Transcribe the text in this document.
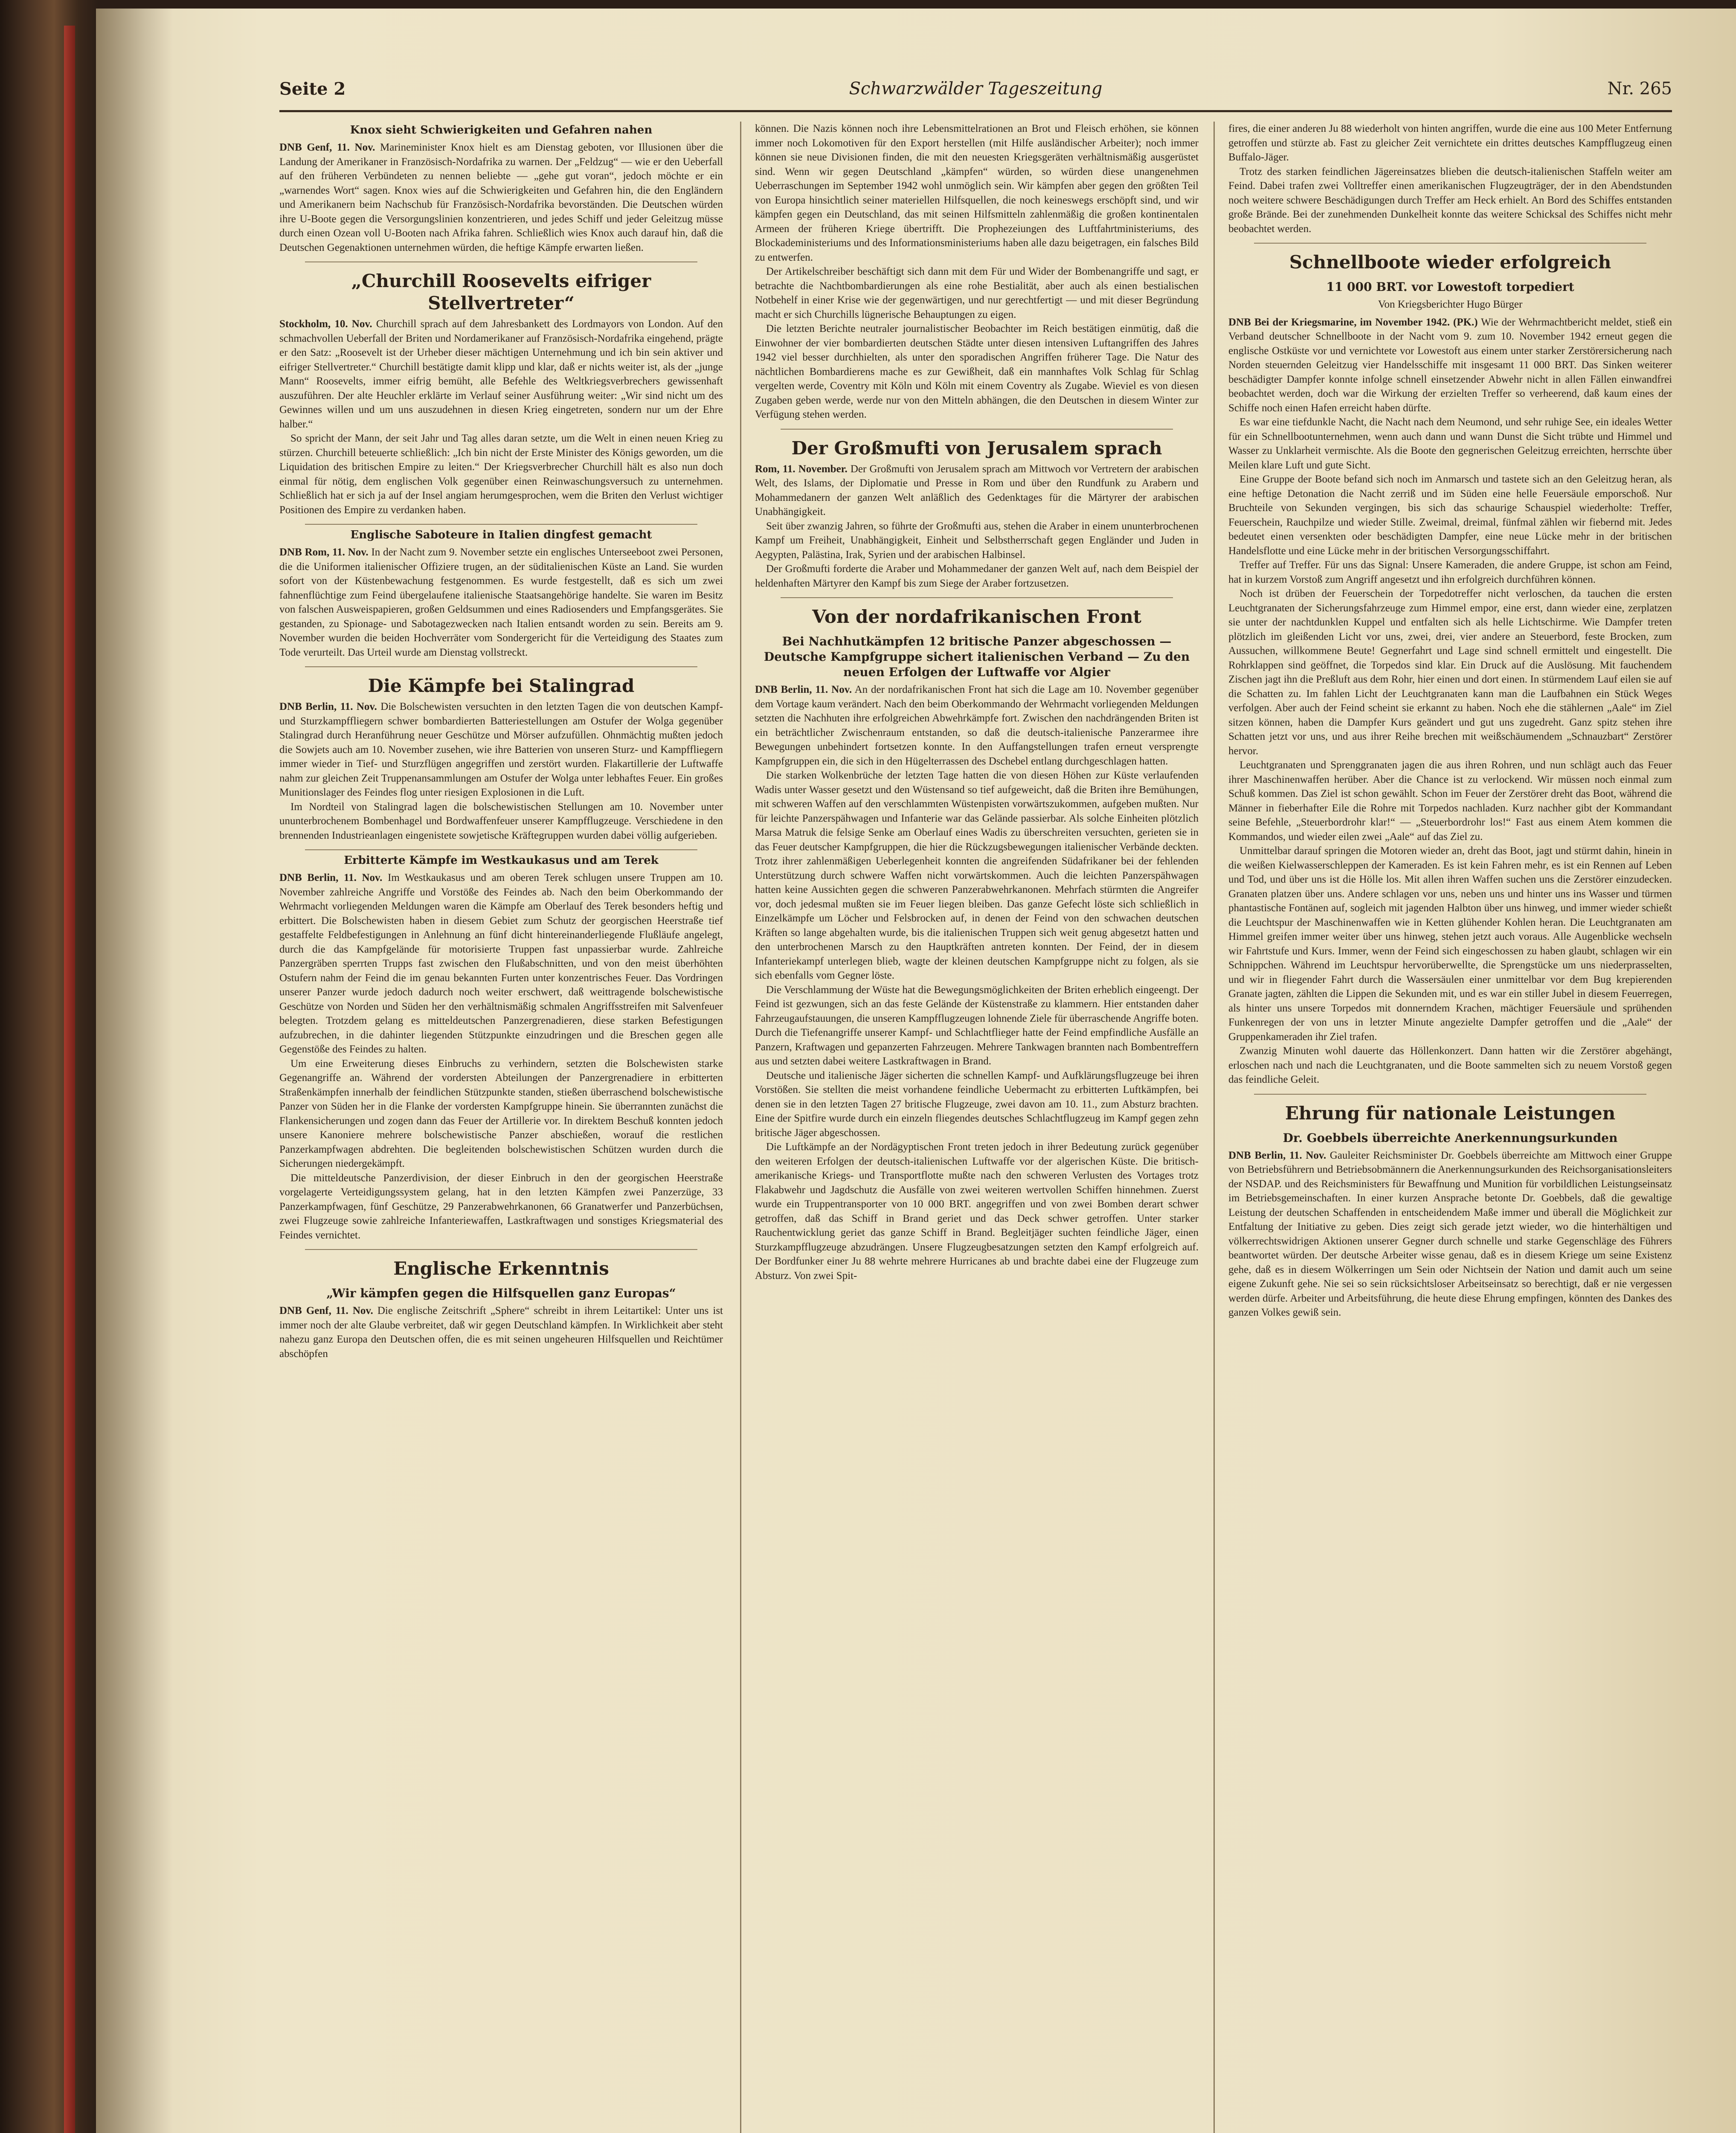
Seite 2	Schwarzwälder Tageszeitung	Nr. 265
Knox sieht Schwierigkeiten und Gefahren nahen

DNB Genf, 11. Nov. Marineminister Knox hielt es am Dienstag geboten, vor Illusionen über die Landung der Amerikaner in Französisch-Nordafrika zu warnen. Der „Feldzug“ — wie er den Ueberfall auf den früheren Verbündeten zu nennen beliebte — „gehe gut voran“, jedoch möchte er ein „warnendes Wort“ sagen. Knox wies auf die Schwierigkeiten und Gefahren hin, die den Engländern und Amerikanern beim Nachschub für Französisch-Nordafrika bevorständen. Die Deutschen würden ihre U-Boote gegen die Versorgungslinien konzentrieren, und jedes Schiff und jeder Geleitzug müsse durch einen Ozean voll U-Booten nach Afrika fahren. Schließlich wies Knox auch darauf hin, daß die Deutschen Gegenaktionen unternehmen würden, die heftige Kämpfe erwarten ließen.

„Churchill Roosevelts eifriger Stellvertreter“

Stockholm, 10. Nov. Churchill sprach auf dem Jahresbankett des Lordmayors von London. Auf den schmachvollen Ueberfall der Briten und Nordamerikaner auf Französisch-Nordafrika eingehend, prägte er den Satz: „Roosevelt ist der Urheber dieser mächtigen Unternehmung und ich bin sein aktiver und eifriger Stellvertreter.“ Churchill bestätigte damit klipp und klar, daß er nichts weiter ist, als der „junge Mann“ Roosevelts, immer eifrig bemüht, alle Befehle des Weltkriegsverbrechers gewissenhaft auszuführen. Der alte Heuchler erklärte im Verlauf seiner Ausführung weiter: „Wir sind nicht um des Gewinnes willen und um uns auszudehnen in diesen Krieg eingetreten, sondern nur um der Ehre halber.“

So spricht der Mann, der seit Jahr und Tag alles daran setzte, um die Welt in einen neuen Krieg zu stürzen. Churchill beteuerte schließlich: „Ich bin nicht der Erste Minister des Königs geworden, um die Liquidation des britischen Empire zu leiten.“ Der Kriegsverbrecher Churchill hält es also nun doch einmal für nötig, dem englischen Volk gegenüber einen Reinwaschungsversuch zu unternehmen. Schließlich hat er sich ja auf der Insel angiam herumgesprochen, wem die Briten den Verlust wichtiger Positionen des Empire zu verdanken haben.

Englische Saboteure in Italien dingfest gemacht

DNB Rom, 11. Nov. In der Nacht zum 9. November setzte ein englisches Unterseeboot zwei Personen, die die Uniformen italienischer Offiziere trugen, an der süditalienischen Küste an Land. Sie wurden sofort von der Küstenbewachung festgenommen. Es wurde festgestellt, daß es sich um zwei fahnenflüchtige zum Feind übergelaufene italienische Staatsangehörige handelte. Sie waren im Besitz von falschen Ausweispapieren, großen Geldsummen und eines Radiosenders und Empfangsgerätes. Sie gestanden, zu Spionage- und Sabotagezwecken nach Italien entsandt worden zu sein. Bereits am 9. November wurden die beiden Hochverräter vom Sondergericht für die Verteidigung des Staates zum Tode verurteilt. Das Urteil wurde am Dienstag vollstreckt.

Die Kämpfe bei Stalingrad

DNB Berlin, 11. Nov. Die Bolschewisten versuchten in den letzten Tagen die von deutschen Kampf- und Sturzkampffliegern schwer bombardierten Batteriestellungen am Ostufer der Wolga gegenüber Stalingrad durch Heranführung neuer Geschütze und Mörser aufzufüllen. Ohnmächtig mußten jedoch die Sowjets auch am 10. November zusehen, wie ihre Batterien von unseren Sturz- und Kampffliegern immer wieder in Tief- und Sturzflügen angegriffen und zerstört wurden. Flakartillerie der Luftwaffe nahm zur gleichen Zeit Truppenansammlungen am Ostufer der Wolga unter lebhaftes Feuer. Ein großes Munitionslager des Feindes flog unter riesigen Explosionen in die Luft.

Im Nordteil von Stalingrad lagen die bolschewistischen Stellungen am 10. November unter ununterbrochenem Bombenhagel und Bordwaffenfeuer unserer Kampfflugzeuge. Verschiedene in den brennenden Industrieanlagen eingenistete sowjetische Kräftegruppen wurden dabei völlig aufgerieben.

Erbitterte Kämpfe im Westkaukasus und am Terek

DNB Berlin, 11. Nov. Im Westkaukasus und am oberen Terek schlugen unsere Truppen am 10. November zahlreiche Angriffe und Vorstöße des Feindes ab. Nach den beim Oberkommando der Wehrmacht vorliegenden Meldungen waren die Kämpfe am Oberlauf des Terek besonders heftig und erbittert. Die Bolschewisten haben in diesem Gebiet zum Schutz der georgischen Heerstraße tief gestaffelte Feldbefestigungen in Anlehnung an fünf dicht hintereinanderliegende Flußläufe angelegt, durch die das Kampfgelände für motorisierte Truppen fast unpassierbar wurde. Zahlreiche Panzergräben sperrten Trupps fast zwischen den Flußabschnitten, und von den meist überhöhten Ostufern nahm der Feind die im genau bekannten Furten unter konzentrisches Feuer. Das Vordringen unserer Panzer wurde jedoch dadurch noch weiter erschwert, daß weittragende bolschewistische Geschütze von Norden und Süden her den verhältnismäßig schmalen Angriffsstreifen mit Salvenfeuer belegten. Trotzdem gelang es mitteldeutschen Panzergrenadieren, diese starken Befestigungen aufzubrechen, in die dahinter liegenden Stützpunkte einzudringen und die Breschen gegen alle Gegenstöße des Feindes zu halten.

Um eine Erweiterung dieses Einbruchs zu verhindern, setzten die Bolschewisten starke Gegenangriffe an. Während der vordersten Abteilungen der Panzergrenadiere in erbitterten Straßenkämpfen innerhalb der feindlichen Stützpunkte standen, stießen überraschend bolschewistische Panzer von Süden her in die Flanke der vordersten Kampfgruppe hinein. Sie überrannten zunächst die Flankensicherungen und zogen dann das Feuer der Artillerie vor. In direktem Beschuß konnten jedoch unsere Kanoniere mehrere bolschewistische Panzer abschießen, worauf die restlichen Panzerkampfwagen abdrehten. Die begleitenden bolschewistischen Schützen wurden durch die Sicherungen niedergekämpft.

Die mitteldeutsche Panzerdivision, der dieser Einbruch in den der georgischen Heerstraße vorgelagerte Verteidigungssystem gelang, hat in den letzten Kämpfen zwei Panzerzüge, 33 Panzerkampfwagen, fünf Geschütze, 29 Panzerabwehrkanonen, 66 Granatwerfer und Panzerbüchsen, zwei Flugzeuge sowie zahlreiche Infanteriewaffen, Lastkraftwagen und sonstiges Kriegsmaterial des Feindes vernichtet.

Englische Erkenntnis
„Wir kämpfen gegen die Hilfsquellen ganz Europas“

DNB Genf, 11. Nov. Die englische Zeitschrift „Sphere“ schreibt in ihrem Leitartikel: Unter uns ist immer noch der alte Glaube verbreitet, daß wir gegen Deutschland kämpfen. In Wirklichkeit aber steht nahezu ganz Europa den Deutschen offen, die es mit seinen ungeheuren Hilfsquellen und Reichtümer abschöpfen

können. Die Nazis können noch ihre Lebensmittelrationen an Brot und Fleisch erhöhen, sie können immer noch Lokomotiven für den Export herstellen (mit Hilfe ausländischer Arbeiter); noch immer können sie neue Divisionen finden, die mit den neuesten Kriegsgeräten verhältnismäßig ausgerüstet sind. Wenn wir gegen Deutschland „kämpfen“ würden, so würden diese unangenehmen Ueberraschungen im September 1942 wohl unmöglich sein. Wir kämpfen aber gegen den größten Teil von Europa hinsichtlich seiner materiellen Hilfsquellen, die noch keineswegs erschöpft sind, und wir kämpfen gegen ein Deutschland, das mit seinen Hilfsmitteln zahlenmäßig die großen kontinentalen Armeen der früheren Kriege übertrifft. Die Prophezeiungen des Luftfahrtministeriums, des Blockadeministeriums und des Informationsministeriums haben alle dazu beigetragen, ein falsches Bild zu entwerfen.

Der Artikelschreiber beschäftigt sich dann mit dem Für und Wider der Bombenangriffe und sagt, er betrachte die Nachtbombardierungen als eine rohe Bestialität, aber auch als einen bestialischen Notbehelf in einer Krise wie der gegenwärtigen, und nur gerechtfertigt — und mit dieser Begründung macht er sich Churchills lügnerische Behauptungen zu eigen.

Die letzten Berichte neutraler journalistischer Beobachter im Reich bestätigen einmütig, daß die Einwohner der vier bombardierten deutschen Städte unter diesen intensiven Luftangriffen des Jahres 1942 viel besser durchhielten, als unter den sporadischen Angriffen früherer Tage. Die Natur des nächtlichen Bombardierens mache es zur Gewißheit, daß ein mannhaftes Volk Schlag für Schlag vergelten werde, Coventry mit Köln und Köln mit einem Coventry als Zugabe. Wieviel es von diesen Zugaben geben werde, werde nur von den Mitteln abhängen, die den Deutschen in diesem Winter zur Verfügung stehen werden.

Der Großmufti von Jerusalem sprach

Rom, 11. November. Der Großmufti von Jerusalem sprach am Mittwoch vor Vertretern der arabischen Welt, des Islams, der Diplomatie und Presse in Rom und über den Rundfunk zu Arabern und Mohammedanern der ganzen Welt anläßlich des Gedenktages für die Märtyrer der arabischen Unabhängigkeit.

Seit über zwanzig Jahren, so führte der Großmufti aus, stehen die Araber in einem ununterbrochenen Kampf um Freiheit, Unabhängigkeit, Einheit und Selbstherrschaft gegen Engländer und Juden in Aegypten, Palästina, Irak, Syrien und der arabischen Halbinsel.

Der Großmufti forderte die Araber und Mohammedaner der ganzen Welt auf, nach dem Beispiel der heldenhaften Märtyrer den Kampf bis zum Siege der Araber fortzusetzen.

Von der nordafrikanischen Front
Bei Nachhutkämpfen 12 britische Panzer abgeschossen — Deutsche Kampfgruppe sichert italienischen Verband — Zu den neuen Erfolgen der Luftwaffe vor Algier

DNB Berlin, 11. Nov. An der nordafrikanischen Front hat sich die Lage am 10. November gegenüber dem Vortage kaum verändert. Nach den beim Oberkommando der Wehrmacht vorliegenden Meldungen setzten die Nachhuten ihre erfolgreichen Abwehrkämpfe fort. Zwischen den nachdrängenden Briten ist ein beträchtlicher Zwischenraum entstanden, so daß die deutsch-italienische Panzerarmee ihre Bewegungen unbehindert fortsetzen konnte. In den Auffangstellungen trafen erneut versprengte Kampfgruppen ein, die sich in den Hügelterrassen des Dschebel entlang durchgeschlagen hatten.

Die starken Wolkenbrüche der letzten Tage hatten die von diesen Höhen zur Küste verlaufenden Wadis unter Wasser gesetzt und den Wüstensand so tief aufgeweicht, daß die Briten ihre Bemühungen, mit schweren Waffen auf den verschlammten Wüstenpisten vorwärtszukommen, aufgeben mußten. Nur für leichte Panzerspähwagen und Infanterie war das Gelände passierbar. Als solche Einheiten plötzlich Marsa Matruk die felsige Senke am Oberlauf eines Wadis zu überschreiten versuchten, gerieten sie in das Feuer deutscher Kampfgruppen, die hier die Rückzugsbewegungen italienischer Verbände deckten. Trotz ihrer zahlenmäßigen Ueberlegenheit konnten die angreifenden Südafrikaner bei der fehlenden Unterstützung durch schwere Waffen nicht vorwärtskommen. Auch die leichten Panzerspähwagen hatten keine Aussichten gegen die schweren Panzerabwehrkanonen. Mehrfach stürmten die Angreifer vor, doch jedesmal mußten sie im Feuer liegen bleiben. Das ganze Gefecht löste sich schließlich in Einzelkämpfe um Löcher und Felsbrocken auf, in denen der Feind von den schwachen deutschen Kräften so lange abgehalten wurde, bis die italienischen Truppen sich weit genug abgesetzt hatten und den unterbrochenen Marsch zu den Hauptkräften antreten konnten. Der Feind, der in diesem Infanteriekampf unterlegen blieb, wagte der kleinen deutschen Kampfgruppe nicht zu folgen, als sie sich ebenfalls vom Gegner löste.

Die Verschlammung der Wüste hat die Bewegungsmöglichkeiten der Briten erheblich eingeengt. Der Feind ist gezwungen, sich an das feste Gelände der Küstenstraße zu klammern. Hier entstanden daher Fahrzeugaufstauungen, die unseren Kampfflugzeugen lohnende Ziele für überraschende Angriffe boten. Durch die Tiefenangriffe unserer Kampf- und Schlachtflieger hatte der Feind empfindliche Ausfälle an Panzern, Kraftwagen und gepanzerten Fahrzeugen. Mehrere Tankwagen brannten nach Bombentreffern aus und setzten dabei weitere Lastkraftwagen in Brand.

Deutsche und italienische Jäger sicherten die schnellen Kampf- und Aufklärungsflugzeuge bei ihren Vorstößen. Sie stellten die meist vorhandene feindliche Uebermacht zu erbitterten Luftkämpfen, bei denen sie in den letzten Tagen 27 britische Flugzeuge, zwei davon am 10. 11., zum Absturz brachten. Eine der Spitfire wurde durch ein einzeln fliegendes deutsches Schlachtflugzeug im Kampf gegen zehn britische Jäger abgeschossen.

Die Luftkämpfe an der Nordägyptischen Front treten jedoch in ihrer Bedeutung zurück gegenüber den weiteren Erfolgen der deutsch-italienischen Luftwaffe vor der algerischen Küste. Die britisch-amerikanische Kriegs- und Transportflotte mußte nach den schweren Verlusten des Vortages trotz Flakabwehr und Jagdschutz die Ausfälle von zwei weiteren wertvollen Schiffen hinnehmen. Zuerst wurde ein Truppentransporter von 10 000 BRT. angegriffen und von zwei Bomben derart schwer getroffen, daß das Schiff in Brand geriet und das Deck schwer getroffen. Unter starker Rauchentwicklung geriet das ganze Schiff in Brand. Begleitjäger suchten feindliche Jäger, einen Sturzkampfflugzeuge abzudrängen. Unsere Flugzeugbesatzungen setzten den Kampf erfolgreich auf. Der Bordfunker einer Ju 88 wehrte mehrere Hurricanes ab und brachte dabei eine der Flugzeuge zum Absturz. Von zwei Spit-

fires, die einer anderen Ju 88 wiederholt von hinten angriffen, wurde die eine aus 100 Meter Entfernung getroffen und stürzte ab. Fast zu gleicher Zeit vernichtete ein drittes deutsches Kampfflugzeug einen Buffalo-Jäger.

Trotz des starken feindlichen Jägereinsatzes blieben die deutsch-italienischen Staffeln weiter am Feind. Dabei trafen zwei Volltreffer einen amerikanischen Flugzeugträger, der in den Abendstunden noch weitere schwere Beschädigungen durch Treffer am Heck erhielt. An Bord des Schiffes entstanden große Brände. Bei der zunehmenden Dunkelheit konnte das weitere Schicksal des Schiffes nicht mehr beobachtet werden.

Schnellboote wieder erfolgreich
11 000 BRT. vor Lowestoft torpediert
Von Kriegsberichter Hugo Bürger

DNB Bei der Kriegsmarine, im November 1942. (PK.) Wie der Wehrmachtbericht meldet, stieß ein Verband deutscher Schnellboote in der Nacht vom 9. zum 10. November 1942 erneut gegen die englische Ostküste vor und vernichtete vor Lowestoft aus einem unter starker Zerstörersicherung nach Norden steuernden Geleitzug vier Handelsschiffe mit insgesamt 11 000 BRT. Das Sinken weiterer beschädigter Dampfer konnte infolge schnell einsetzender Abwehr nicht in allen Fällen einwandfrei beobachtet werden, doch war die Wirkung der erzielten Treffer so verheerend, daß kaum eines der Schiffe noch einen Hafen erreicht haben dürfte.

Es war eine tiefdunkle Nacht, die Nacht nach dem Neumond, und sehr ruhige See, ein ideales Wetter für ein Schnellbootunternehmen, wenn auch dann und wann Dunst die Sicht trübte und Himmel und Wasser zu Unklarheit vermischte. Als die Boote den gegnerischen Geleitzug erreichten, herrschte über Meilen klare Luft und gute Sicht.

Eine Gruppe der Boote befand sich noch im Anmarsch und tastete sich an den Geleitzug heran, als eine heftige Detonation die Nacht zerriß und im Süden eine helle Feuersäule emporschoß. Nur Bruchteile von Sekunden vergingen, bis sich das schaurige Schauspiel wiederholte: Treffer, Feuerschein, Rauchpilze und wieder Stille. Zweimal, dreimal, fünfmal zählen wir fiebernd mit. Jedes bedeutet einen versenkten oder beschädigten Dampfer, eine neue Lücke mehr in der britischen Handelsflotte und eine Lücke mehr in der britischen Versorgungsschiffahrt.

Treffer auf Treffer. Für uns das Signal: Unsere Kameraden, die andere Gruppe, ist schon am Feind, hat in kurzem Vorstoß zum Angriff angesetzt und ihn erfolgreich durchführen können.

Noch ist drüben der Feuerschein der Torpedotreffer nicht verloschen, da tauchen die ersten Leuchtgranaten der Sicherungsfahrzeuge zum Himmel empor, eine erst, dann wieder eine, zerplatzen sie unter der nachtdunklen Kuppel und entfalten sich als helle Lichtschirme. Wie Dampfer treten plötzlich im gleißenden Licht vor uns, zwei, drei, vier andere an Steuerbord, feste Brocken, zum Aussuchen, willkommene Beute! Gegnerfahrt und Lage sind schnell ermittelt und eingestellt. Die Rohrklappen sind geöffnet, die Torpedos sind klar. Ein Druck auf die Auslösung. Mit fauchendem Zischen jagt ihn die Preßluft aus dem Rohr, hier einen und dort einen. In stürmendem Lauf eilen sie auf die Schatten zu. Im fahlen Licht der Leuchtgranaten kann man die Laufbahnen ein Stück Weges verfolgen. Aber auch der Feind scheint sie erkannt zu haben. Noch ehe die stählernen „Aale“ im Ziel sitzen können, haben die Dampfer Kurs geändert und gut uns zugedreht. Ganz spitz stehen ihre Schatten jetzt vor uns, und aus ihrer Reihe brechen mit weißschäumendem „Schnauzbart“ Zerstörer hervor.

Leuchtgranaten und Sprenggranaten jagen die aus ihren Rohren, und nun schlägt auch das Feuer ihrer Maschinenwaffen herüber. Aber die Chance ist zu verlockend. Wir müssen noch einmal zum Schuß kommen. Das Ziel ist schon gewählt. Schon im Feuer der Zerstörer dreht das Boot, während die Männer in fieberhafter Eile die Rohre mit Torpedos nachladen. Kurz nachher gibt der Kommandant seine Befehle, „Steuerbordrohr klar!“ — „Steuerbordrohr los!“ Fast aus einem Atem kommen die Kommandos, und wieder eilen zwei „Aale“ auf das Ziel zu.

Unmittelbar darauf springen die Motoren wieder an, dreht das Boot, jagt und stürmt dahin, hinein in die weißen Kielwasserschleppen der Kameraden. Es ist kein Fahren mehr, es ist ein Rennen auf Leben und Tod, und über uns ist die Hölle los. Mit allen ihren Waffen suchen uns die Zerstörer einzudecken. Granaten platzen über uns. Andere schlagen vor uns, neben uns und hinter uns ins Wasser und türmen phantastische Fontänen auf, sogleich mit jagenden Halbton über uns hinweg, und immer wieder schießt die Leuchtspur der Maschinenwaffen wie in Ketten glühender Kohlen heran. Die Leuchtgranaten am Himmel greifen immer weiter über uns hinweg, stehen jetzt auch voraus. Alle Augenblicke wechseln wir Fahrtstufe und Kurs. Immer, wenn der Feind sich eingeschossen zu haben glaubt, schlagen wir ein Schnippchen. Während im Leuchtspur hervorüberwellte, die Sprengstücke um uns niederprasselten, und wir in fliegender Fahrt durch die Wassersäulen einer unmittelbar vor dem Bug krepierenden Granate jagten, zählten die Lippen die Sekunden mit, und es war ein stiller Jubel in diesem Feuerregen, als hinter uns unsere Torpedos mit donnerndem Krachen, mächtiger Feuersäule und sprühenden Funkenregen der von uns in letzter Minute angezielte Dampfer getroffen und die „Aale“ der Gruppenkameraden ihr Ziel trafen.

Zwanzig Minuten wohl dauerte das Höllenkonzert. Dann hatten wir die Zerstörer abgehängt, erloschen nach und nach die Leuchtgranaten, und die Boote sammelten sich zu neuem Vorstoß gegen das feindliche Geleit.

Ehrung für nationale Leistungen
Dr. Goebbels überreichte Anerkennungsurkunden

DNB Berlin, 11. Nov. Gauleiter Reichsminister Dr. Goebbels überreichte am Mittwoch einer Gruppe von Betriebsführern und Betriebsobmännern die Anerkennungsurkunden des Reichsorganisationsleiters der NSDAP. und des Reichsministers für Bewaffnung und Munition für vorbildlichen Leistungseinsatz im Betriebsgemeinschaften. In einer kurzen Ansprache betonte Dr. Goebbels, daß die gewaltige Leistung der deutschen Schaffenden in entscheidendem Maße immer und überall die Möglichkeit zur Entfaltung der Initiative zu geben. Dies zeigt sich gerade jetzt wieder, wo die hinterhältigen und völkerrechtswidrigen Aktionen unserer Gegner durch schnelle und starke Gegenschläge des Führers beantwortet würden. Der deutsche Arbeiter wisse genau, daß es in diesem Kriege um seine Existenz gehe, daß es in diesem Wölkerringen um Sein oder Nichtsein der Nation und damit auch um seine eigene Zukunft gehe. Nie sei so sein rücksichtsloser Arbeitseinsatz so berechtigt, daß er nie vergessen werden dürfe. Arbeiter und Arbeitsführung, die heute diese Ehrung empfingen, könnten des Dankes des ganzen Volkes gewiß sein.
